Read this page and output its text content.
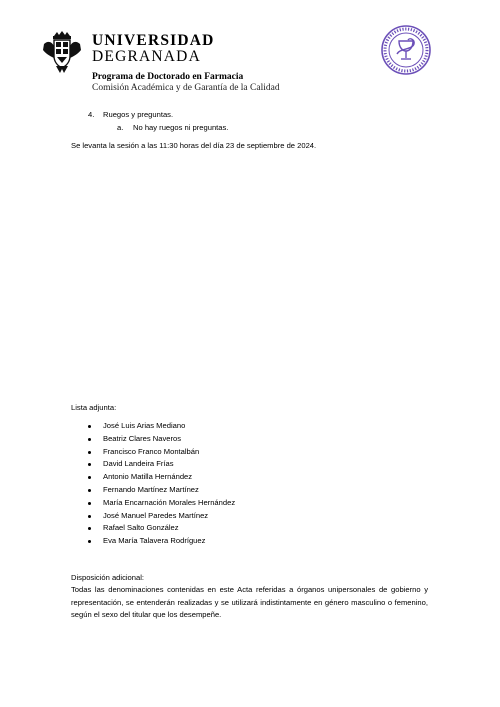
UNIVERSIDAD
DEGRANADA
Programa de Doctorado en Farmacia
Comisión Académica y de Garantía de la Calidad
4. Ruegos y preguntas.
a. No hay ruegos ni preguntas.
Se levanta la sesión a las 11:30 horas del día 23 de septiembre de 2024.
Lista adjunta:
José Luis Arias Mediano
Beatriz Clares Naveros
Francisco Franco Montalbán
David Landeira Frías
Antonio Matilla Hernández
Fernando Martínez Martínez
María Encarnación Morales Hernández
José Manuel Paredes Martínez
Rafael Salto González
Eva María Talavera Rodríguez
Disposición adicional:
Todas las denominaciones contenidas en este Acta referidas a órganos unipersonales de gobierno y representación, se entenderán realizadas y se utilizará indistintamente en género masculino o femenino, según el sexo del titular que los desempeñe.
